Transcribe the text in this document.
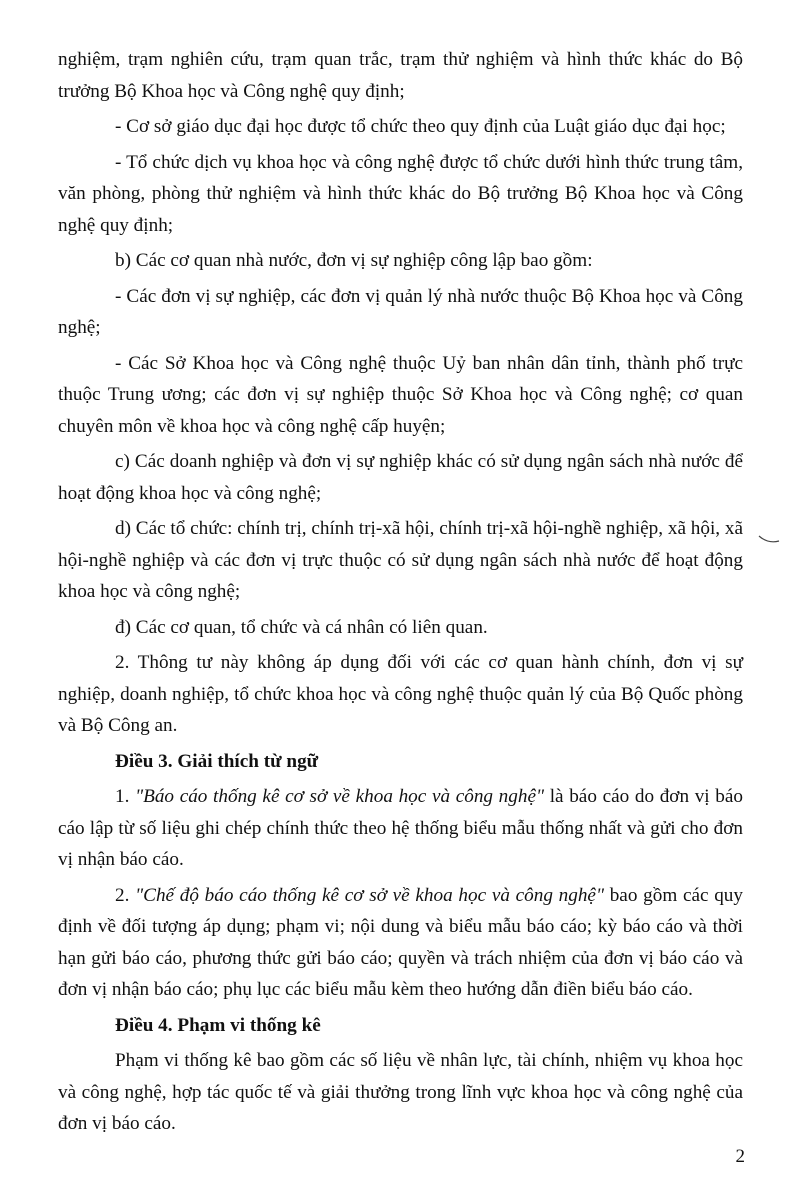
nghiệm, trạm nghiên cứu, trạm quan trắc, trạm thử nghiệm và hình thức khác do Bộ trưởng Bộ Khoa học và Công nghệ quy định;

- Cơ sở giáo dục đại học được tổ chức theo quy định của Luật giáo dục đại học;

- Tổ chức dịch vụ khoa học và công nghệ được tổ chức dưới hình thức trung tâm, văn phòng, phòng thử nghiệm và hình thức khác do Bộ trưởng Bộ Khoa học và Công nghệ quy định;

b) Các cơ quan nhà nước, đơn vị sự nghiệp công lập bao gồm:

- Các đơn vị sự nghiệp, các đơn vị quản lý nhà nước thuộc Bộ Khoa học và Công nghệ;

- Các Sở Khoa học và Công nghệ thuộc Uỷ ban nhân dân tỉnh, thành phố trực thuộc Trung ương; các đơn vị sự nghiệp thuộc Sở Khoa học và Công nghệ; cơ quan chuyên môn về khoa học và công nghệ cấp huyện;

c) Các doanh nghiệp và đơn vị sự nghiệp khác có sử dụng ngân sách nhà nước để hoạt động khoa học và công nghệ;

d) Các tổ chức: chính trị, chính trị-xã hội, chính trị-xã hội-nghề nghiệp, xã hội, xã hội-nghề nghiệp và các đơn vị trực thuộc có sử dụng ngân sách nhà nước để hoạt động khoa học và công nghệ;

đ) Các cơ quan, tổ chức và cá nhân có liên quan.

2. Thông tư này không áp dụng đối với các cơ quan hành chính, đơn vị sự nghiệp, doanh nghiệp, tổ chức khoa học và công nghệ thuộc quản lý của Bộ Quốc phòng và Bộ Công an.

Điều 3. Giải thích từ ngữ

1. "Báo cáo thống kê cơ sở về khoa học và công nghệ" là báo cáo do đơn vị báo cáo lập từ số liệu ghi chép chính thức theo hệ thống biểu mẫu thống nhất và gửi cho đơn vị nhận báo cáo.

2. "Chế độ báo cáo thống kê cơ sở về khoa học và công nghệ" bao gồm các quy định về đối tượng áp dụng; phạm vi; nội dung và biểu mẫu báo cáo; kỳ báo cáo và thời hạn gửi báo cáo, phương thức gửi báo cáo; quyền và trách nhiệm của đơn vị báo cáo và đơn vị nhận báo cáo; phụ lục các biểu mẫu kèm theo hướng dẫn điền biểu báo cáo.

Điều 4. Phạm vi thống kê

Phạm vi thống kê bao gồm các số liệu về nhân lực, tài chính, nhiệm vụ khoa học và công nghệ, hợp tác quốc tế và giải thưởng trong lĩnh vực khoa học và công nghệ của đơn vị báo cáo.

2
